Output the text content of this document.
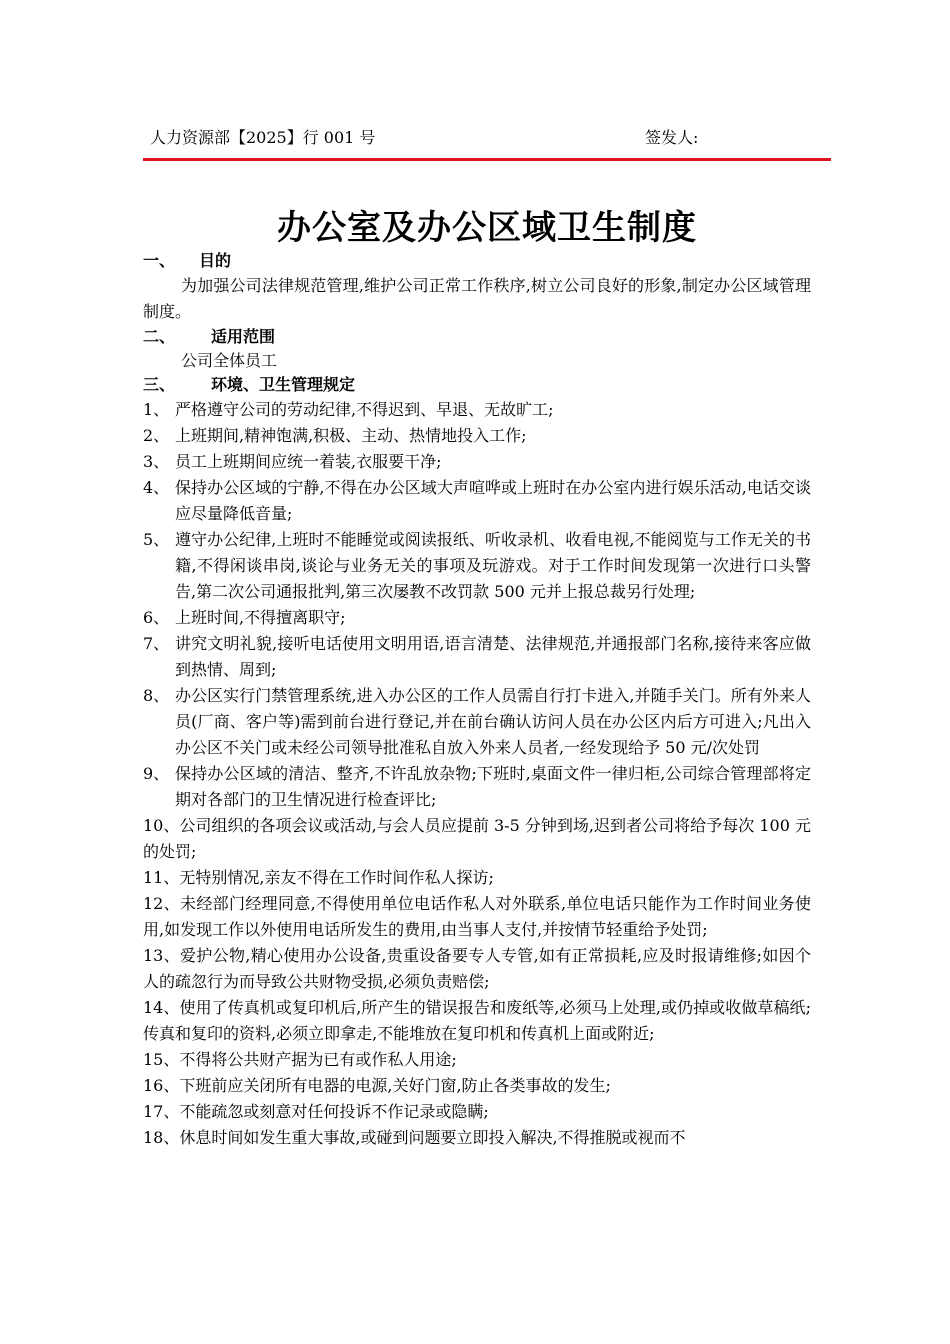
人力资源部【2025】行 001 号	签发人:
办公室及办公区域卫生制度
一、 目的
为加强公司法律规范管理,维护公司正常工作秩序,树立公司良好的形象,制定办公区域管理制度。
二、 适用范围
公司全体员工
三、 环境、卫生管理规定
1、 严格遵守公司的劳动纪律,不得迟到、早退、无故旷工;
2、 上班期间,精神饱满,积极、主动、热情地投入工作;
3、 员工上班期间应统一着装,衣服要干净;
4、 保持办公区域的宁静,不得在办公区域大声喧哗或上班时在办公室内进行娱乐活动,电话交谈应尽量降低音量;
5、 遵守办公纪律,上班时不能睡觉或阅读报纸、听收录机、收看电视,不能阅览与工作无关的书籍,不得闲谈串岗,谈论与业务无关的事项及玩游戏。对于工作时间发现第一次进行口头警告,第二次公司通报批判,第三次屡教不改罚款 500 元并上报总裁另行处理;
6、 上班时间,不得擅离职守;
7、 讲究文明礼貌,接听电话使用文明用语,语言清楚、法律规范,并通报部门名称,接待来客应做到热情、周到;
8、 办公区实行门禁管理系统,进入办公区的工作人员需自行打卡进入,并随手关门。所有外来人员(厂商、客户等)需到前台进行登记,并在前台确认访问人员在办公区内后方可进入;凡出入办公区不关门或未经公司领导批准私自放入外来人员者,一经发现给予 50 元/次处罚
9、 保持办公区域的清洁、整齐,不许乱放杂物;下班时,桌面文件一律归柜,公司综合管理部将定期对各部门的卫生情况进行检查评比;
10、公司组织的各项会议或活动,与会人员应提前 3-5 分钟到场,迟到者公司将给予每次 100 元的处罚;
11、无特别情况,亲友不得在工作时间作私人探访;
12、未经部门经理同意,不得使用单位电话作私人对外联系,单位电话只能作为工作时间业务使用,如发现工作以外使用电话所发生的费用,由当事人支付,并按情节轻重给予处罚;
13、爱护公物,精心使用办公设备,贵重设备要专人专管,如有正常损耗,应及时报请维修;如因个人的疏忽行为而导致公共财物受损,必须负责赔偿;
14、使用了传真机或复印机后,所产生的错误报告和废纸等,必须马上处理,或仍掉或收做草稿纸;传真和复印的资料,必须立即拿走,不能堆放在复印机和传真机上面或附近;
15、不得将公共财产据为已有或作私人用途;
16、下班前应关闭所有电器的电源,关好门窗,防止各类事故的发生;
17、不能疏忽或刻意对任何投诉不作记录或隐瞒;
18、休息时间如发生重大事故,或碰到问题要立即投入解决,不得推脱或视而不
